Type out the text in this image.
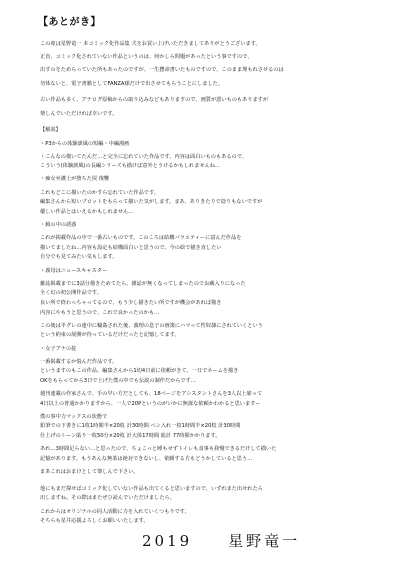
【あとがき】
この度は星野竜一 本コミック化作品集 弐をお買い上げいただきましてありがとうございます。
正直、コミック化されていない作品というのは、何かしら問題があったという事ですので、
出すのをためらっていた所もあったのですが、一生懸命書いたものですので、このまま埋もれさせるのは
勿体ないと、電子書籍としてFANZA様だけで出させてもらうことにしました。
古い作品も多く、アナログ原稿からの取り込みなどもありますので、画質が悪いものもありますが
楽しんでいただければ幸いです。
【解説】
・P3からの体験談風の短編・中編漫画
・こんなの描いてたんだ…と完全に忘れていた作品です。内容は面白いものもあるので、
こういう(体験談風)の長編シリーズも描けば意外とうけるかもしれませんね…
・痴女弁護士が堕ちた罠 復讐
これもどこに描いたのかすら忘れていた作品です。
編集さんから短いプロットをもらって描いた気がします。まあ、ありきたりで捻りもないですが
優しい作品とはいえるかもしれません…
・鏡の中の誘惑
これが掲載作品の中で一番古いものです。このころは結構バラエティーに富んだ作品を
描いてましたね…内容も設定も結構面白いと思うので、今の絵で描き直したい
自分でも見てみたい気もします。
・義母はニュースキャスター
雑誌掲載までに3話分描きためてたら、雑誌が無くなってしまったのでお蔵入りになった
全く幻の初公開作品です。
良い所で終わっちゃってるので、もう少し描きたい所ですが機会があれば描き
内容にやもうと思うので、これで良かったのかも…
この後は半グレの連中に輪姦された後、義理の息子の画策にハマって性奴隷にされていくという
という約束の展開が待っているだけだったと記憶してます。
・女子アナの掟
一番掲載するか悩んだ作品です。
というますのもこの作品、編集さんから1切4日前に依頼がきて、一日でネームを描き
OKをもらってから3日で上げた僕の中でも伝説の制作だからです…
週刊連載の作家さんで、手の早い方だとしても、18ページをアシスタントさんを3人以上雇って
4日以上の普通かかりますから、一人で20Pというのがいかに無謀な依頼かわかると思いますー
僕の事中力マックスの状態で
鉛筆での下書きに1枚1時間半×20枚 計30時間 ペン入れ一枚1時間半×20枚 計30時間
仕上げのトーン貼り一枚50分×20枚 計大体17時間 総計 77時間かかります。
あれ…3時間足らない…と思ったので、ちょこっと睡もせずトイレも食事も我慢できるだけして描いた
記憶があります。もうあんな無茶は絶対できないし、依頼する方もどうかしていると思う…
まあこれはおまけとして楽しんで下さい。
他にもまだ探せばコミック化していない作品も出てくると思いますので、いずれまた出せれたら
出しますね。その際はまたぜひ読んでいただけましたら。
これからはオリジナルの同人活動に力を入れていくつもりです。
そちらも星井応援よろしくお願いいたします。
2019　　星野竜一
